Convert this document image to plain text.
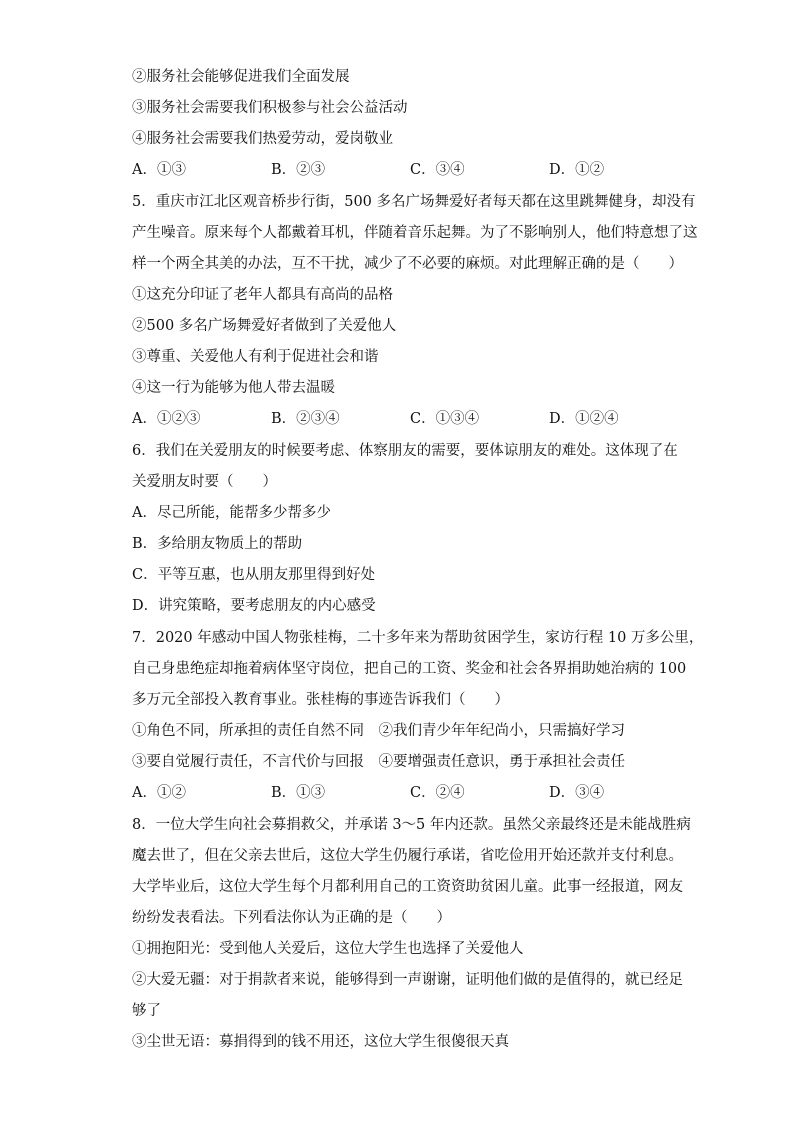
②服务社会能够促进我们全面发展
③服务社会需要我们积极参与社会公益活动
④服务社会需要我们热爱劳动，爱岗敬业
A．①③	B．②③	C．③④	D．①②
5．重庆市江北区观音桥步行街，500 多名广场舞爱好者每天都在这里跳舞健身，却没有
产生噪音。原来每个人都戴着耳机，伴随着音乐起舞。为了不影响别人，他们特意想了这
样一个两全其美的办法，互不干扰，减少了不必要的麻烦。对此理解正确的是（　　）
①这充分印证了老年人都具有高尚的品格
②500 多名广场舞爱好者做到了关爱他人
③尊重、关爱他人有利于促进社会和谐
④这一行为能够为他人带去温暖
A．①②③	B．②③④	C．①③④	D．①②④
6．我们在关爱朋友的时候要考虑、体察朋友的需要，要体谅朋友的难处。这体现了在
关爱朋友时要（　　）
A．尽己所能，能帮多少帮多少
B．多给朋友物质上的帮助
C．平等互惠，也从朋友那里得到好处
D．讲究策略，要考虑朋友的内心感受
7．2020 年感动中国人物张桂梅，二十多年来为帮助贫困学生，家访行程 10 万多公里，
自己身患绝症却拖着病体坚守岗位，把自己的工资、奖金和社会各界捐助她治病的 100
多万元全部投入教育事业。张桂梅的事迹告诉我们（　　）
①角色不同，所承担的责任自然不同　②我们青少年年纪尚小，只需搞好学习
③要自觉履行责任，不言代价与回报　④要增强责任意识，勇于承担社会责任
A．①②	B．①③	C．②④	D．③④
8．一位大学生向社会募捐救父，并承诺 3～5 年内还款。虽然父亲最终还是未能战胜病
魔去世了，但在父亲去世后，这位大学生仍履行承诺，省吃俭用开始还款并支付利息。
大学毕业后，这位大学生每个月都利用自己的工资资助贫困儿童。此事一经报道，网友
纷纷发表看法。下列看法你认为正确的是（　　）
①拥抱阳光：受到他人关爱后，这位大学生也选择了关爱他人
②大爱无疆：对于捐款者来说，能够得到一声谢谢，证明他们做的是值得的，就已经足
够了
③尘世无语：募捐得到的钱不用还，这位大学生很傻很天真
